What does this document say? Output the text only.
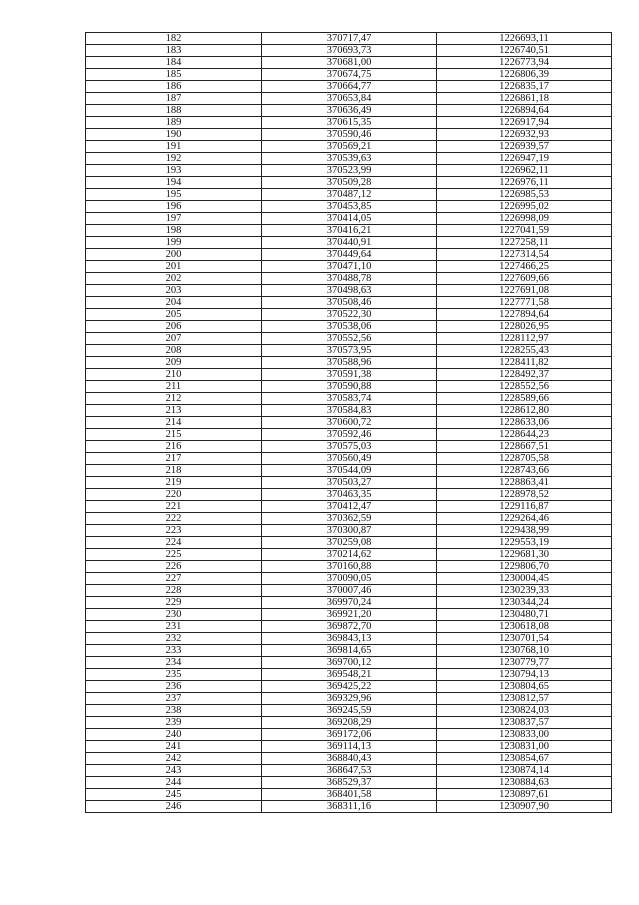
182	370717,47	1226693,11
183	370693,73	1226740,51
184	370681,00	1226773,94
185	370674,75	1226806,39
186	370664,77	1226835,17
187	370653,84	1226861,18
188	370636,49	1226894,64
189	370615,35	1226917,94
190	370590,46	1226932,93
191	370569,21	1226939,57
192	370539,63	1226947,19
193	370523,99	1226962,11
194	370509,28	1226976,11
195	370487,12	1226985,53
196	370453,85	1226995,02
197	370414,05	1226998,09
198	370416,21	1227041,59
199	370440,91	1227258,11
200	370449,64	1227314,54
201	370471,10	1227466,25
202	370488,78	1227609,66
203	370498,63	1227691,08
204	370508,46	1227771,58
205	370522,30	1227894,64
206	370538,06	1228026,95
207	370552,56	1228112,97
208	370573,95	1228255,43
209	370588,96	1228411,82
210	370591,38	1228492,37
211	370590,88	1228552,56
212	370583,74	1228589,66
213	370584,83	1228612,80
214	370600,72	1228633,06
215	370592,46	1228644,23
216	370575,03	1228667,51
217	370560,49	1228705,58
218	370544,09	1228743,66
219	370503,27	1228863,41
220	370463,35	1228978,52
221	370412,47	1229116,87
222	370362,59	1229264,46
223	370300,87	1229438,99
224	370259,08	1229553,19
225	370214,62	1229681,30
226	370160,88	1229806,70
227	370090,05	1230004,45
228	370007,46	1230239,33
229	369970,24	1230344,24
230	369921,20	1230480,71
231	369872,70	1230618,08
232	369843,13	1230701,54
233	369814,65	1230768,10
234	369700,12	1230779,77
235	369548,21	1230794,13
236	369425,22	1230804,65
237	369329,96	1230812,57
238	369245,59	1230824,03
239	369208,29	1230837,57
240	369172,06	1230833,00
241	369114,13	1230831,00
242	368840,43	1230854,67
243	368647,53	1230874,14
244	368529,37	1230884,63
245	368401,58	1230897,61
246	368311,16	1230907,90
